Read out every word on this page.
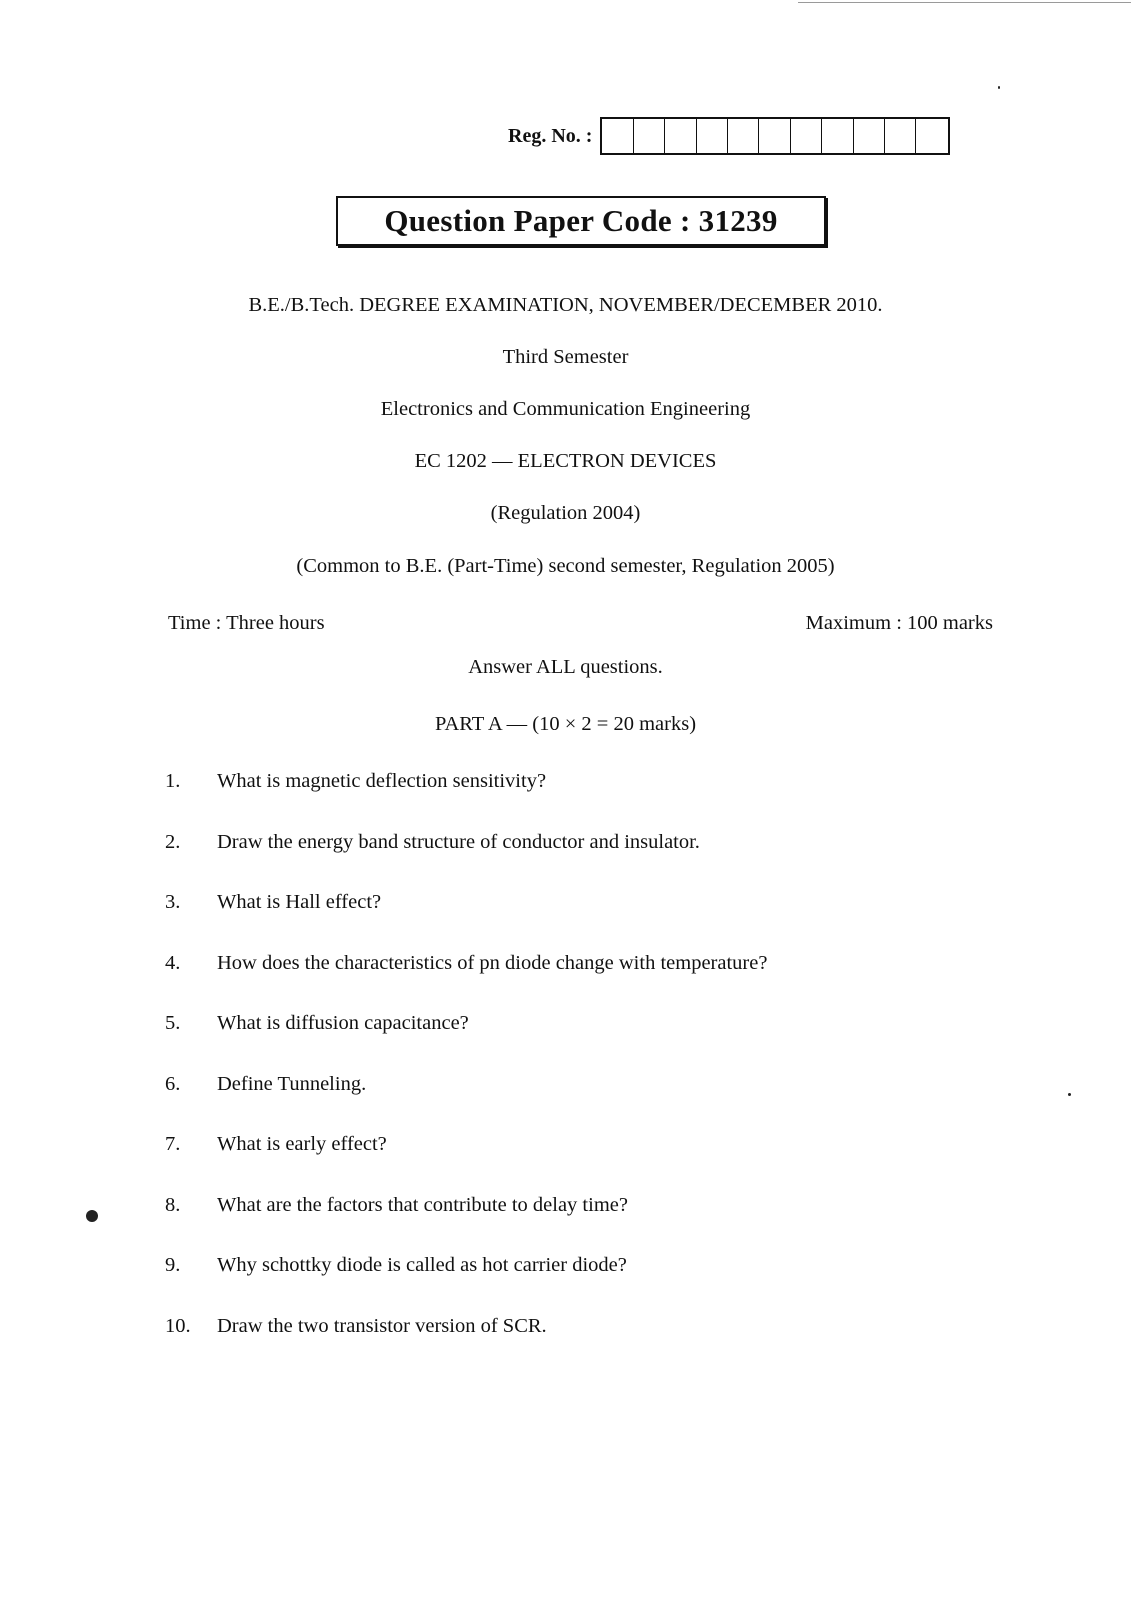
Reg. No. :
Question Paper Code : 31239
B.E./B.Tech. DEGREE EXAMINATION, NOVEMBER/DECEMBER 2010.
Third Semester
Electronics and Communication Engineering
EC 1202 — ELECTRON DEVICES
(Regulation 2004)
(Common to B.E. (Part-Time) second semester, Regulation 2005)
Time : Three hours	Maximum : 100 marks
Answer ALL questions.
PART A — (10 × 2 = 20 marks)
1.	What is magnetic deflection sensitivity?
2.	Draw the energy band structure of conductor and insulator.
3.	What is Hall effect?
4.	How does the characteristics of pn diode change with temperature?
5.	What is diffusion capacitance?
6.	Define Tunneling.
7.	What is early effect?
8.	What are the factors that contribute to delay time?
9.	Why schottky diode is called as hot carrier diode?
10.	Draw the two transistor version of SCR.
